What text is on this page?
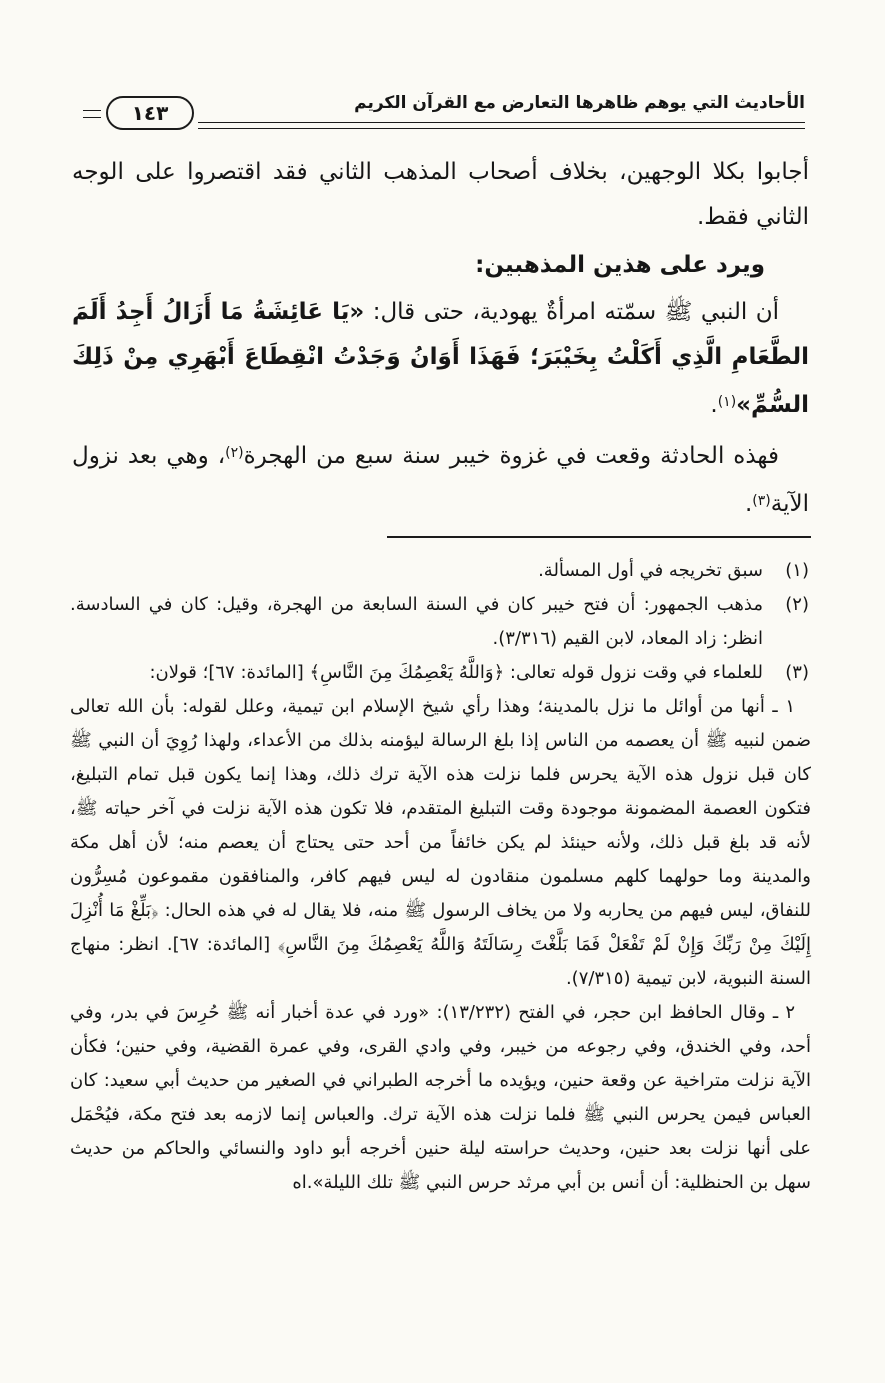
الأحاديث التي يوهم ظاهرها التعارض مع القرآن الكريم
١٤٣

أجابوا بكلا الوجهين، بخلاف أصحاب المذهب الثاني فقد اقتصروا على الوجه الثاني فقط.

ويرد على هذين المذهبين:

أن النبي ﷺ سمّته امرأةٌ يهودية، حتى قال: «يَا عَائِشَةُ مَا أَزَالُ أَجِدُ أَلَمَ الطَّعَامِ الَّذِي أَكَلْتُ بِخَيْبَرَ؛ فَهَذَا أَوَانُ وَجَدْتُ انْقِطَاعَ أَبْهَرِي مِنْ ذَلِكَ السُّمِّ»$^{(١)}$.

فهذه الحادثة وقعت في غزوة خيبر سنة سبع من الهجرة$^{(٢)}$، وهي بعد نزول الآية$^{(٣)}$.

(١)
سبق تخريجه في أول المسألة.
(٢)
مذهب الجمهور: أن فتح خيبر كان في السنة السابعة من الهجرة، وقيل: كان في السادسة. انظر: زاد المعاد، لابن القيم (٣/٣١٦).
(٣)
للعلماء في وقت نزول قوله تعالى: ﴿وَاللَّهُ يَعْصِمُكَ مِنَ النَّاسِ﴾ [المائدة: ٦٧]؛ قولان:

١ ـ أنها من أوائل ما نزل بالمدينة؛ وهذا رأي شيخ الإسلام ابن تيمية، وعلل لقوله: بأن الله تعالى ضمن لنبيه ﷺ أن يعصمه من الناس إذا بلغ الرسالة ليؤمنه بذلك من الأعداء، ولهذا رُوِيَ أن النبي ﷺ كان قبل نزول هذه الآية يحرس فلما نزلت هذه الآية ترك ذلك، وهذا إنما يكون قبل تمام التبليغ، فتكون العصمة المضمونة موجودة وقت التبليغ المتقدم، فلا تكون هذه الآية نزلت في آخر حياته ﷺ، لأنه قد بلغ قبل ذلك، ولأنه حينئذ لم يكن خائفاً من أحد حتى يحتاج أن يعصم منه؛ لأن أهل مكة والمدينة وما حولهما كلهم مسلمون منقادون له ليس فيهم كافر، والمنافقون مقموعون مُسِرُّون للنفاق، ليس فيهم من يحاربه ولا من يخاف الرسول ﷺ منه، فلا يقال له في هذه الحال: ﴿بَلِّغْ مَا أُنْزِلَ إِلَيْكَ مِنْ رَبِّكَ وَإِنْ لَمْ تَفْعَلْ فَمَا بَلَّغْتَ رِسَالَتَهُ وَاللَّهُ يَعْصِمُكَ مِنَ النَّاسِ﴾ [المائدة: ٦٧]. انظر: منهاج السنة النبوية، لابن تيمية (٧/٣١٥).

٢ ـ وقال الحافظ ابن حجر، في الفتح (١٣/٢٣٢): «ورد في عدة أخبار أنه ﷺ حُرِسَ في بدر، وفي أحد، وفي الخندق، وفي رجوعه من خيبر، وفي وادي القرى، وفي عمرة القضية، وفي حنين؛ فكأن الآية نزلت متراخية عن وقعة حنين، ويؤيده ما أخرجه الطبراني في الصغير من حديث أبي سعيد: كان العباس فيمن يحرس النبي ﷺ فلما نزلت هذه الآية ترك. والعباس إنما لازمه بعد فتح مكة، فيُحْمَل على أنها نزلت بعد حنين، وحديث حراسته ليلة حنين أخرجه أبو داود والنسائي والحاكم من حديث سهل بن الحنظلية: أن أنس بن أبي مرثد حرس النبي ﷺ تلك الليلة».اه
